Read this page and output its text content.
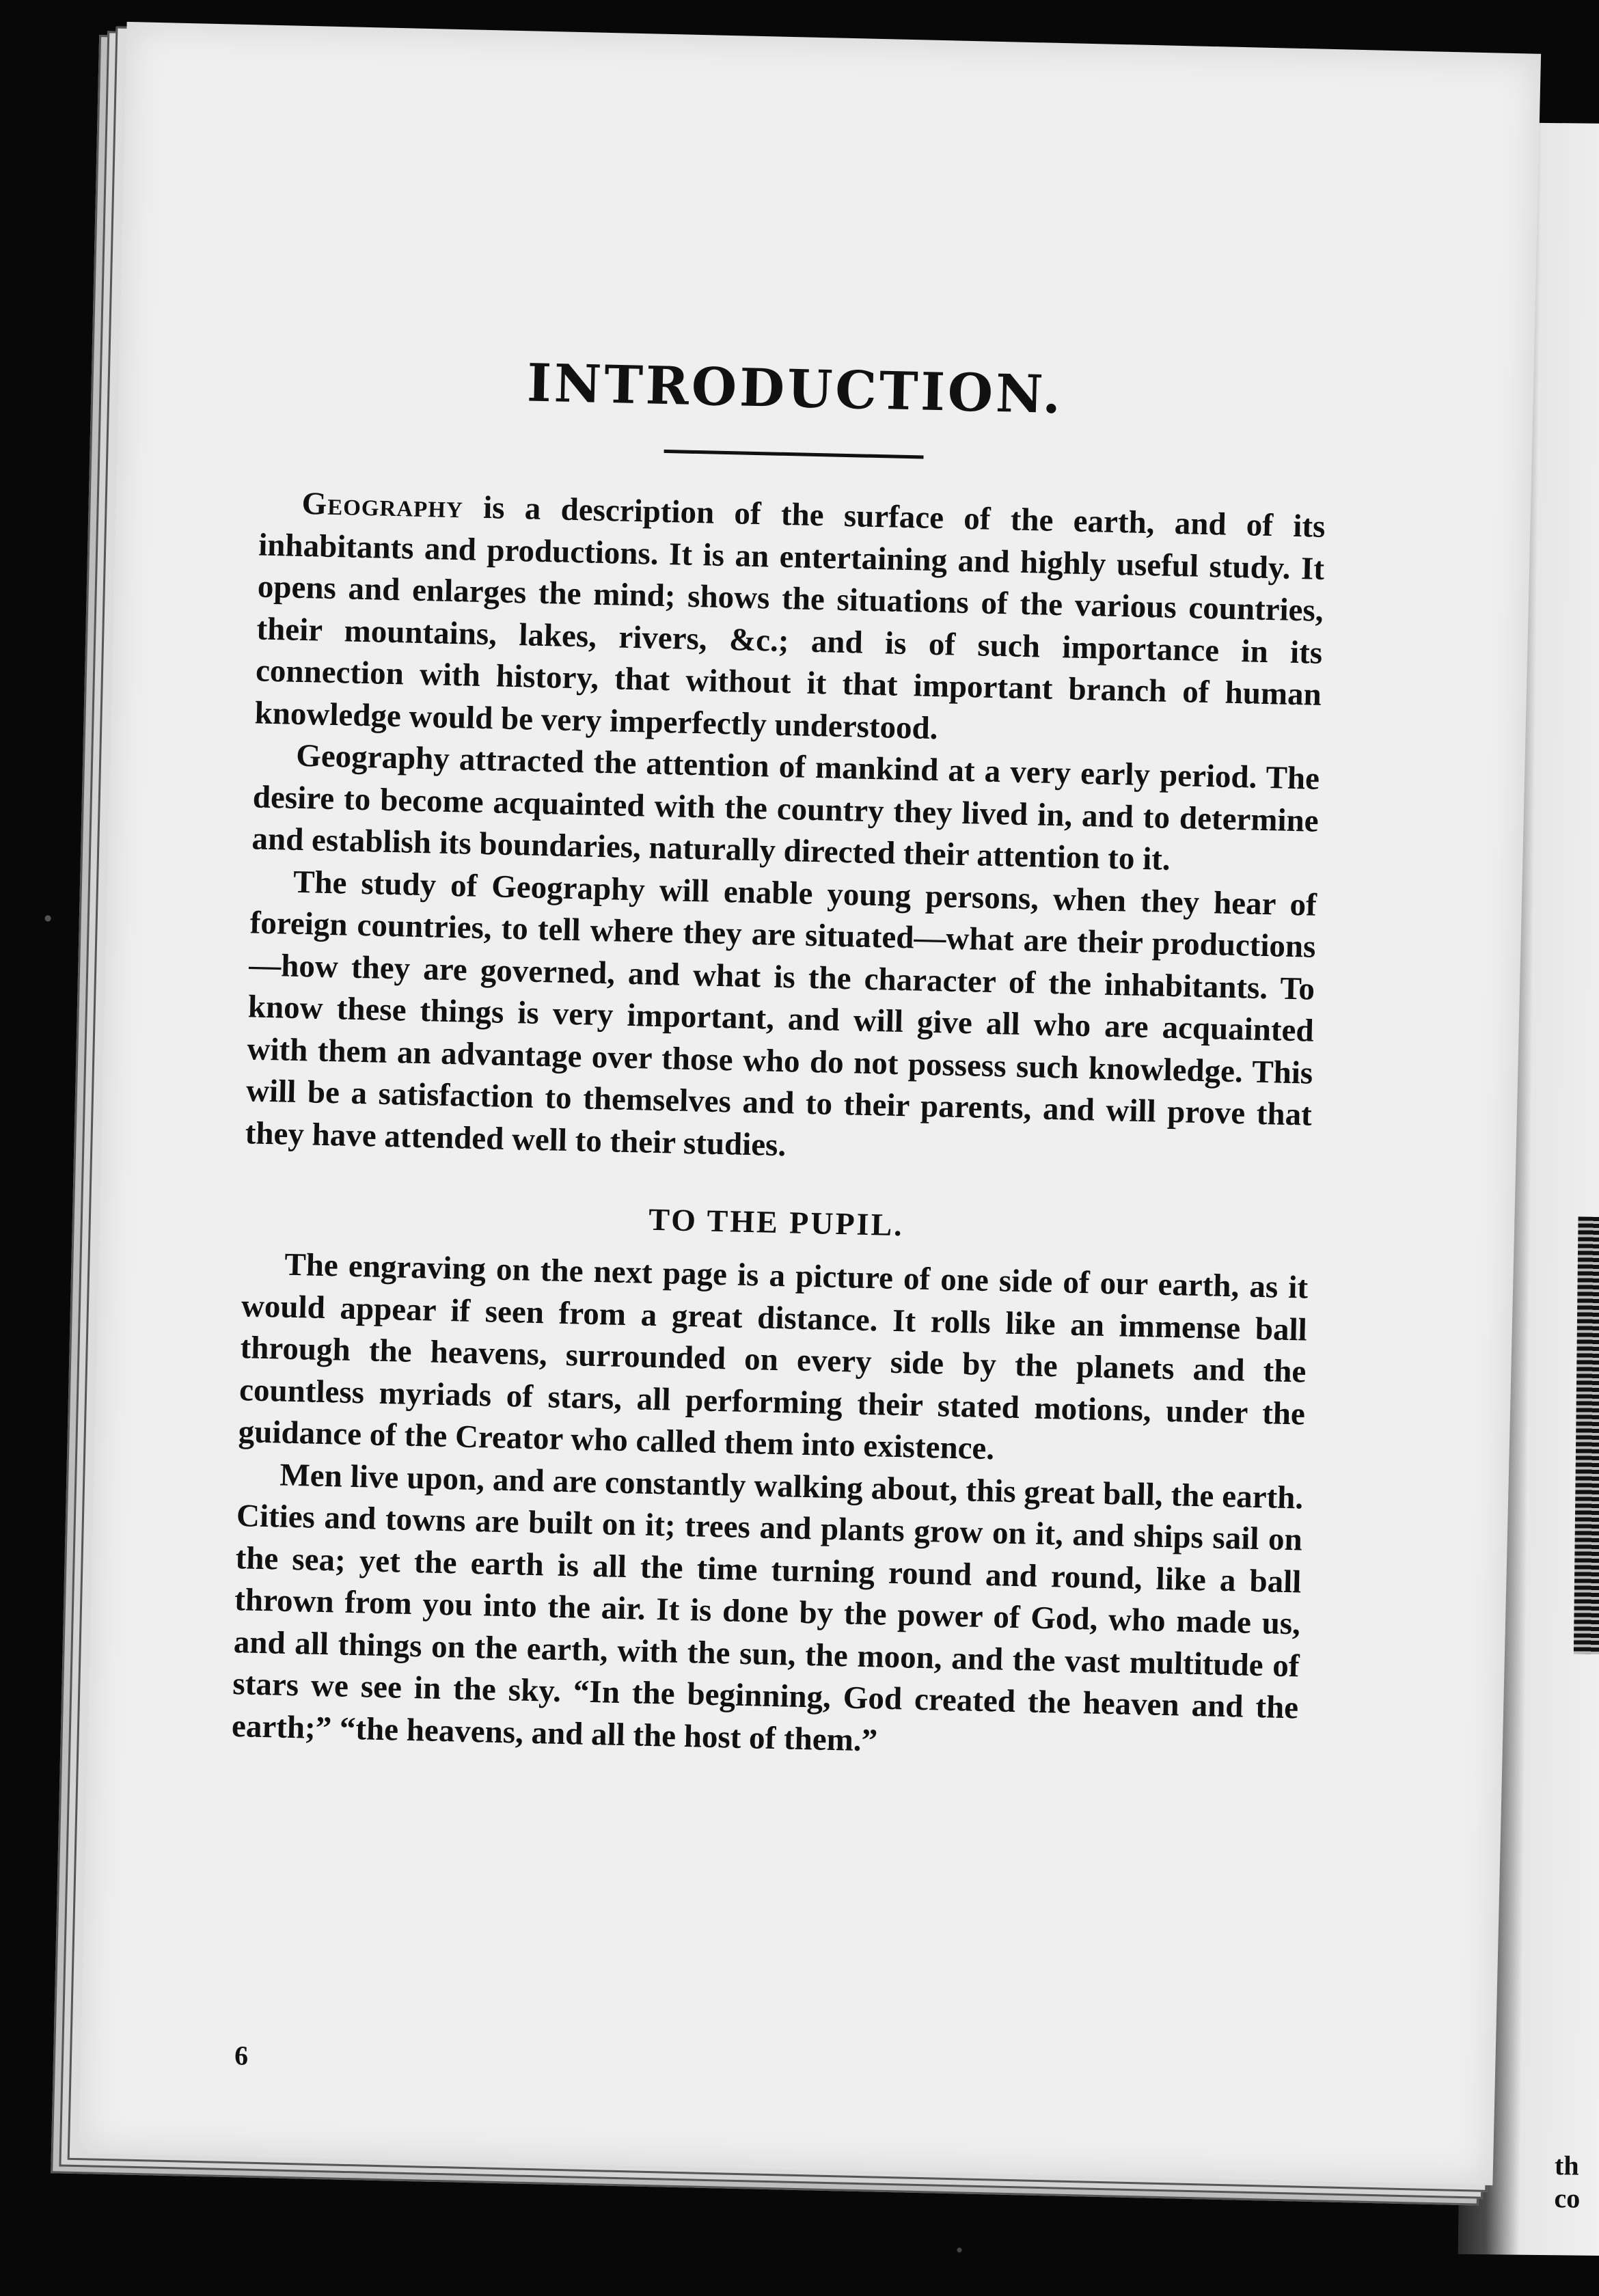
th
co
INTRODUCTION.

Geography is a description of the surface of the earth, and of its inhabitants and productions. It is an entertaining and highly useful study. It opens and enlarges the mind; shows the situations of the various countries, their mountains, lakes, rivers, &c.; and is of such importance in its connection with history, that without it that important branch of human knowledge would be very imperfectly understood.

Geography attracted the attention of mankind at a very early period. The desire to become acquainted with the country they lived in, and to determine and establish its boundaries, naturally directed their attention to it.

The study of Geography will enable young persons, when they hear of foreign countries, to tell where they are situated—what are their productions—how they are governed, and what is the character of the inhabitants. To know these things is very important, and will give all who are acquainted with them an advantage over those who do not possess such knowledge. This will be a satisfaction to themselves and to their parents, and will prove that they have attended well to their studies.

TO THE PUPIL.

The engraving on the next page is a picture of one side of our earth, as it would appear if seen from a great distance. It rolls like an immense ball through the heavens, surrounded on every side by the planets and the countless myriads of stars, all performing their stated motions, under the guidance of the Creator who called them into existence.

Men live upon, and are constantly walking about, this great ball, the earth. Cities and towns are built on it; trees and plants grow on it, and ships sail on the sea; yet the earth is all the time turning round and round, like a ball thrown from you into the air. It is done by the power of God, who made us, and all things on the earth, with the sun, the moon, and the vast multitude of stars we see in the sky. “In the beginning, God created the heaven and the earth;” “the heavens, and all the host of them.”

6
